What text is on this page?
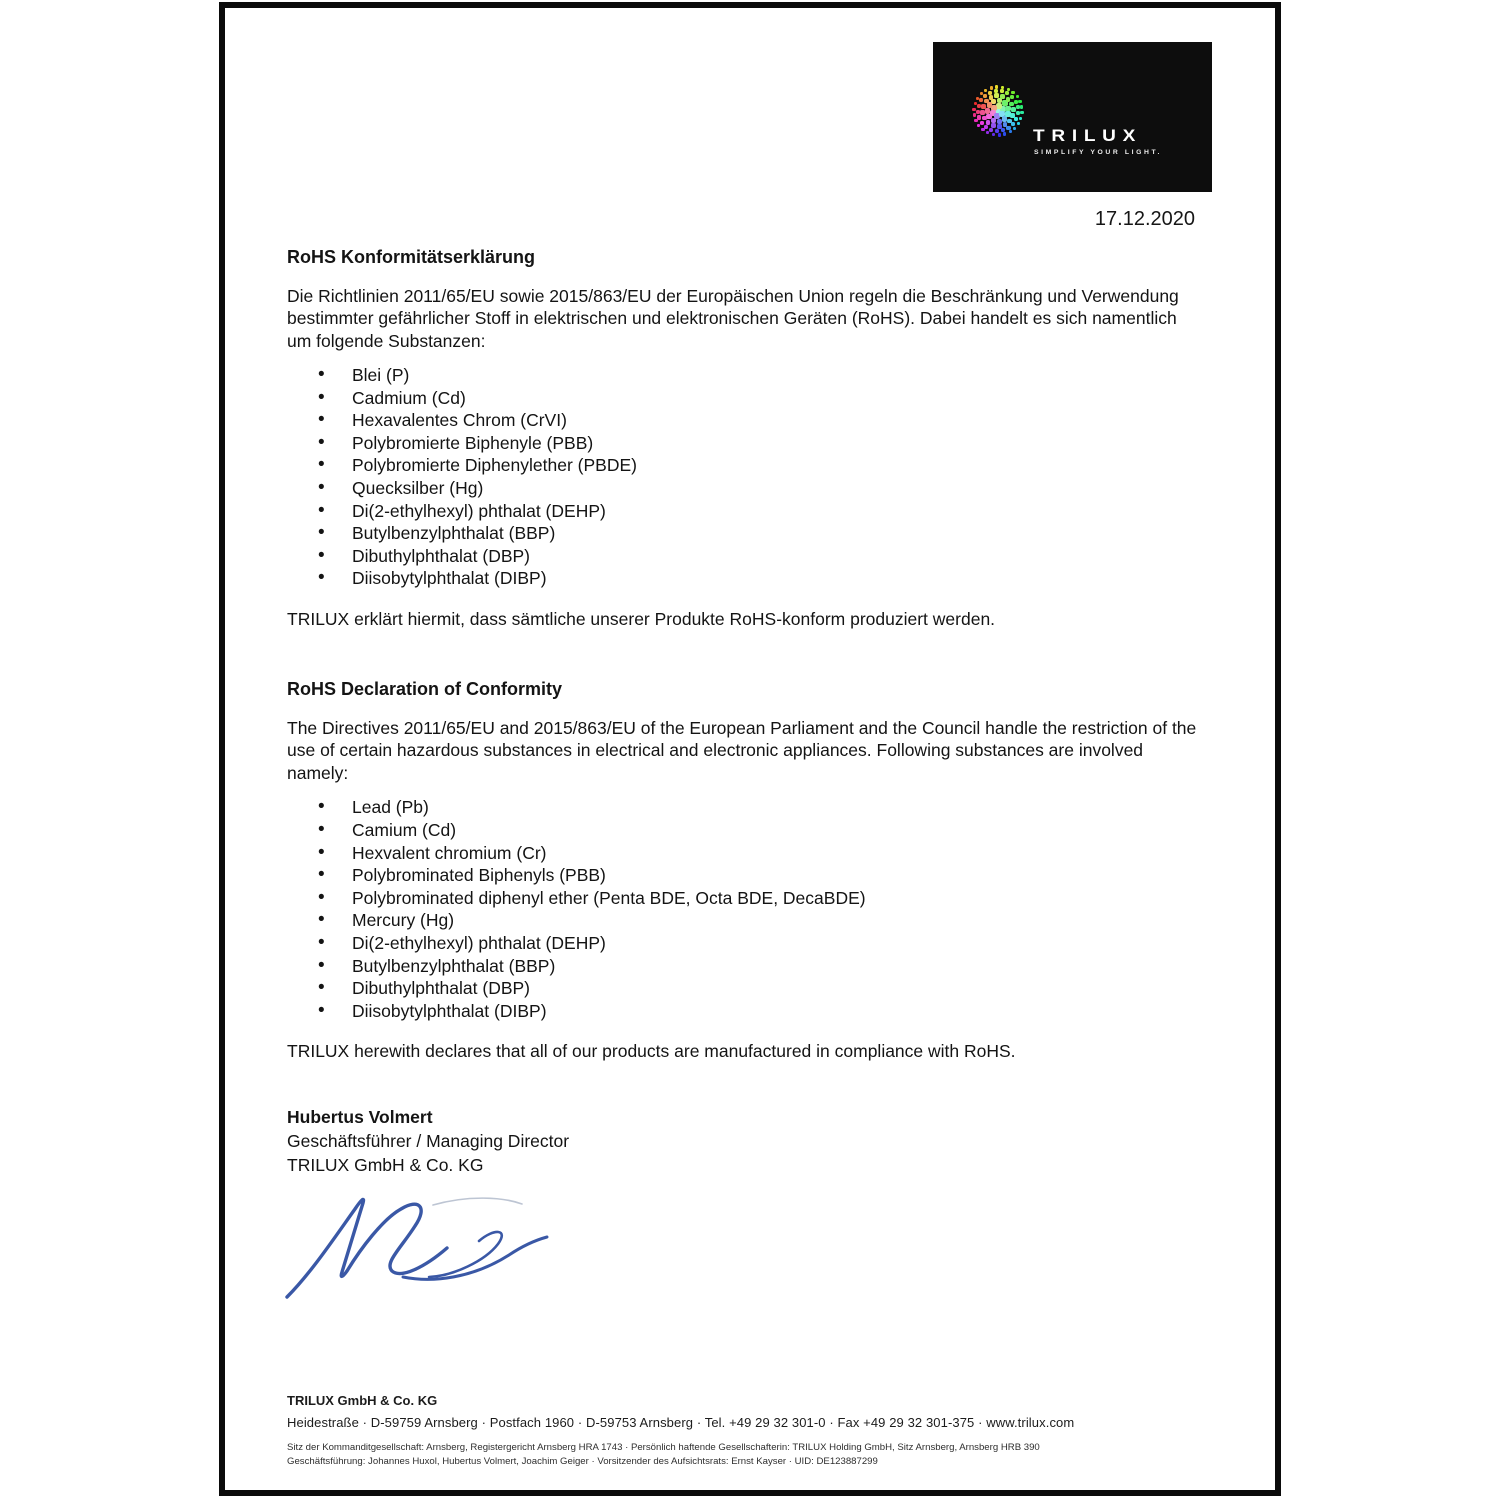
TRILUX
SIMPLIFY YOUR LIGHT.
17.12.2020
RoHS Konformitätserklärung

Die Richtlinien 2011/65/EU sowie 2015/863/EU der Europäischen Union regeln die Beschränkung und Verwendung bestimmter gefährlicher Stoff in elektrischen und elektronischen Geräten (RoHS). Dabei handelt es sich namentlich um folgende Substanzen:

• Blei (P)
• Cadmium (Cd)
• Hexavalentes Chrom (CrVI)
• Polybromierte Biphenyle (PBB)
• Polybromierte Diphenylether (PBDE)
• Quecksilber (Hg)
• Di(2-ethylhexyl) phthalat (DEHP)
• Butylbenzylphthalat (BBP)
• Dibuthylphthalat (DBP)
• Diisobytylphthalat (DIBP)

TRILUX erklärt hiermit, dass sämtliche unserer Produkte RoHS-konform produziert werden.

RoHS Declaration of Conformity

The Directives 2011/65/EU and 2015/863/EU of the European Parliament and the Council handle the restriction of the use of certain hazardous substances in electrical and electronic appliances. Following substances are involved namely:

• Lead (Pb)
• Camium (Cd)
• Hexvalent chromium (Cr)
• Polybrominated Biphenyls (PBB)
• Polybrominated diphenyl ether (Penta BDE, Octa BDE, DecaBDE)
• Mercury (Hg)
• Di(2-ethylhexyl) phthalat (DEHP)
• Butylbenzylphthalat (BBP)
• Dibuthylphthalat (DBP)
• Diisobytylphthalat (DIBP)

TRILUX herewith declares that all of our products are manufactured in compliance with RoHS.

Hubertus Volmert
Geschäftsführer / Managing Director
TRILUX GmbH & Co. KG
TRILUX GmbH & Co. KG
Heidestraße · D-59759 Arnsberg · Postfach 1960 · D-59753 Arnsberg · Tel. +49 29 32 301-0 · Fax +49 29 32 301-375 · www.trilux.com
Sitz der Kommanditgesellschaft: Arnsberg, Registergericht Arnsberg HRA 1743 · Persönlich haftende Gesellschafterin: TRILUX Holding GmbH, Sitz Arnsberg, Arnsberg HRB 390
Geschäftsführung: Johannes Huxol, Hubertus Volmert, Joachim Geiger · Vorsitzender des Aufsichtsrats: Ernst Kayser · UID: DE123887299
